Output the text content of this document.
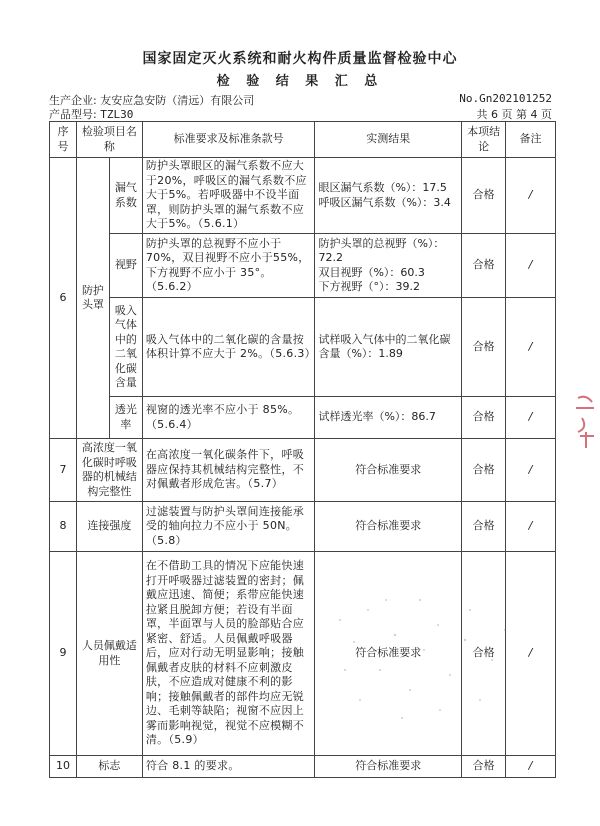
国家固定灭火系统和耐火构件质量监督检验中心
检 验 结 果 汇 总
生产企业: 友安应急安防（清远）有限公司
产品型号: TZL30
No.Gn202101252
共 6 页 第 4 页
序号	检验项目名称		标准要求及标准条款号	实测结果	本项结论	备注
6	防护头罩	漏气系数	防护头罩眼区的漏气系数不应大于20%，呼吸区的漏气系数不应大于5%。若呼吸器中不设半面罩，则防护头罩的漏气系数不应大于5%。（5.6.1）	眼区漏气系数（%）：17.5
呼吸区漏气系数（%）：3.4	合格	/
		视野	防护头罩的总视野不应小于70%，双目视野不应小于55%，下方视野不应小于 35°。（5.6.2）	防护头罩的总视野（%）：72.2
双目视野（%）：60.3
下方视野（°）：39.2	合格	/
		吸入气体中的二氧化碳含量	吸入气体中的二氧化碳的含量按体积计算不应大于 2%。（5.6.3）	试样吸入气体中的二氧化碳含量（%）：1.89	合格	/
		透光率	视窗的透光率不应小于 85%。（5.6.4）	试样透光率（%）：86.7	合格	/
7	高浓度一氧化碳时呼吸器的机械结构完整性		在高浓度一氧化碳条件下，呼吸器应保持其机械结构完整性，不对佩戴者形成危害。（5.7）	符合标准要求	合格	/
8	连接强度		过滤装置与防护头罩间连接能承受的轴向拉力不应小于 50N。（5.8）	符合标准要求	合格	/
9	人员佩戴适用性		在不借助工具的情况下应能快速打开呼吸器过滤装置的密封；佩戴应迅速、简便；系带应能快速拉紧且脱卸方便；若设有半面罩，半面罩与人员的脸部贴合应紧密、舒适。人员佩戴呼吸器后，应对行动无明显影响；接触佩戴者皮肤的材料不应刺激皮肤，不应造成对健康不利的影响；接触佩戴者的部件均应无锐边、毛刺等缺陷；视窗不应因上雾而影响视觉，视觉不应模糊不清。（5.9）	符合标准要求	合格	/
10	标志		符合 8.1 的要求。	符合标准要求	合格	/
